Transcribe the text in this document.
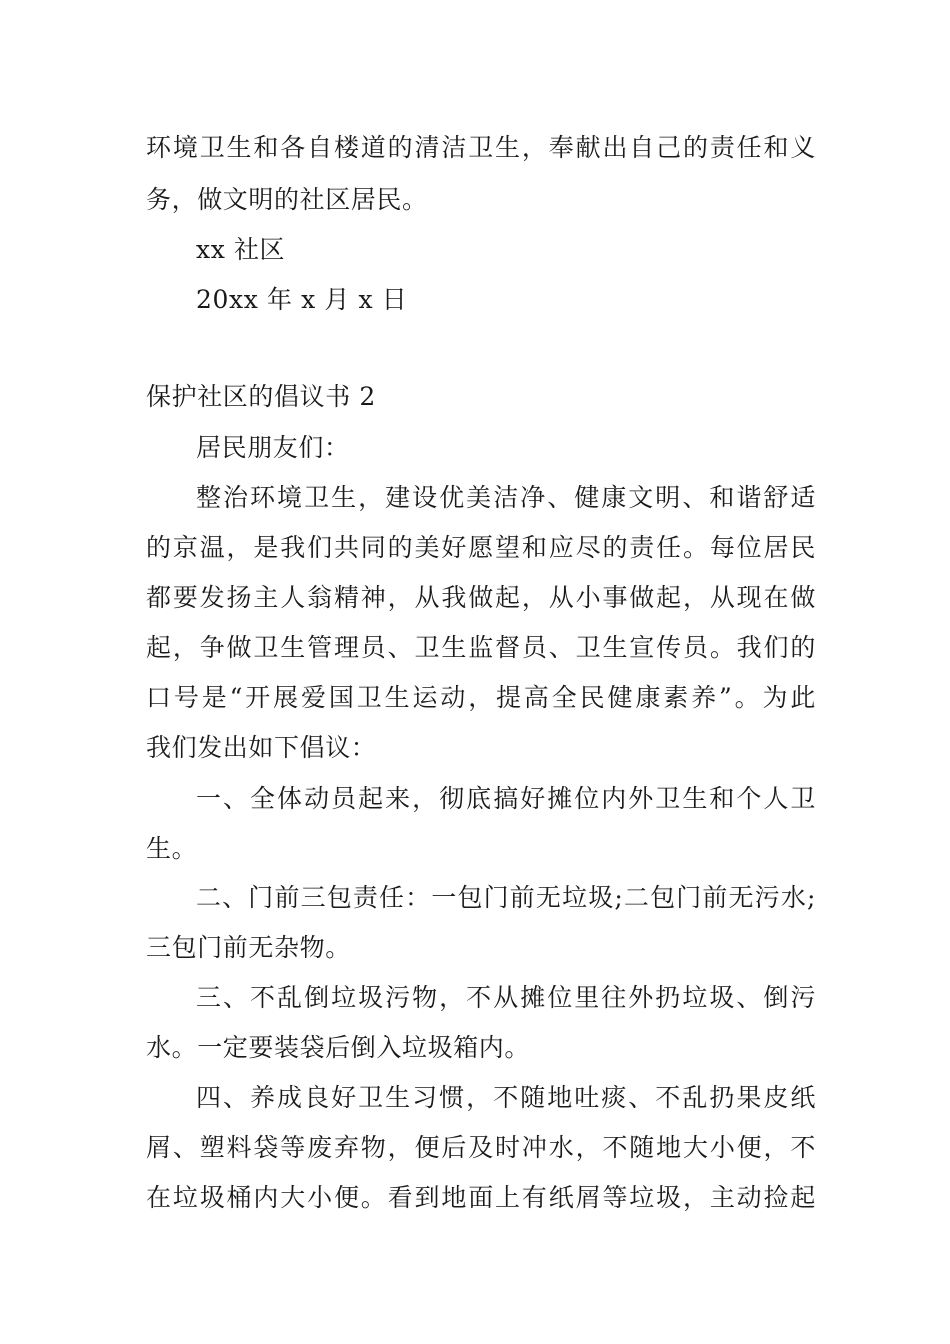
环境卫生和各自楼道的清洁卫生，奉献出自己的责任和义
务，做文明的社区居民。
xx 社区
20xx 年 x 月 x 日
保护社区的倡议书 2
居民朋友们：
整治环境卫生，建设优美洁净、健康文明、和谐舒适
的京温，是我们共同的美好愿望和应尽的责任。每位居民
都要发扬主人翁精神，从我做起，从小事做起，从现在做
起，争做卫生管理员、卫生监督员、卫生宣传员。我们的
口号是“开展爱国卫生运动，提高全民健康素养”。为此
我们发出如下倡议：
一、全体动员起来，彻底搞好摊位内外卫生和个人卫
生。
二、门前三包责任：一包门前无垃圾;二包门前无污水;
三包门前无杂物。
三、不乱倒垃圾污物，不从摊位里往外扔垃圾、倒污
水。一定要装袋后倒入垃圾箱内。
四、养成良好卫生习惯，不随地吐痰、不乱扔果皮纸
屑、塑料袋等废弃物，便后及时冲水，不随地大小便，不
在垃圾桶内大小便。看到地面上有纸屑等垃圾，主动捡起
